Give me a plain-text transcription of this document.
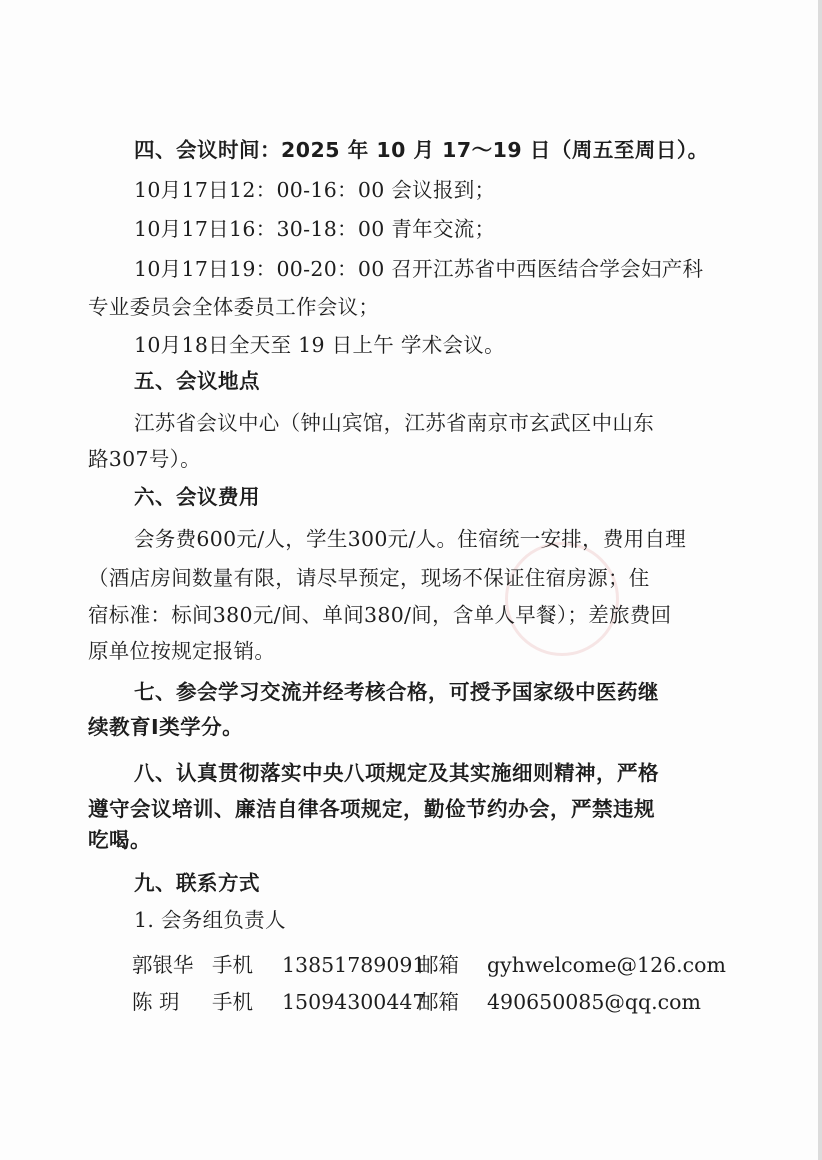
四、会议时间：2025 年 10 月 17～19 日（周五至周日）。

10月17日12：00-16：00 会议报到；

10月17日16：30-18：00 青年交流；

10月17日19：00-20：00 召开江苏省中西医结合学会妇产科

专业委员会全体委员工作会议；

10月18日全天至 19 日上午 学术会议。

五、会议地点

江苏省会议中心（钟山宾馆，江苏省南京市玄武区中山东

路307号）。

六、会议费用

会务费600元/人，学生300元/人。住宿统一安排，费用自理

（酒店房间数量有限，请尽早预定，现场不保证住宿房源；住

宿标准：标间380元/间、单间380/间，含单人早餐）；差旅费回

原单位按规定报销。

七、参会学习交流并经考核合格，可授予国家级中医药继

续教育Ⅰ类学分。

八、认真贯彻落实中央八项规定及其实施细则精神，严格

遵守会议培训、廉洁自律各项规定，勤俭节约办会，严禁违规

吃喝。

九、联系方式

1. 会务组负责人

郭银华 手机 13851789091
邮箱 gyhwelcome@126.com
陈 玥 手机 15094300447
邮箱 490650085@qq.com
